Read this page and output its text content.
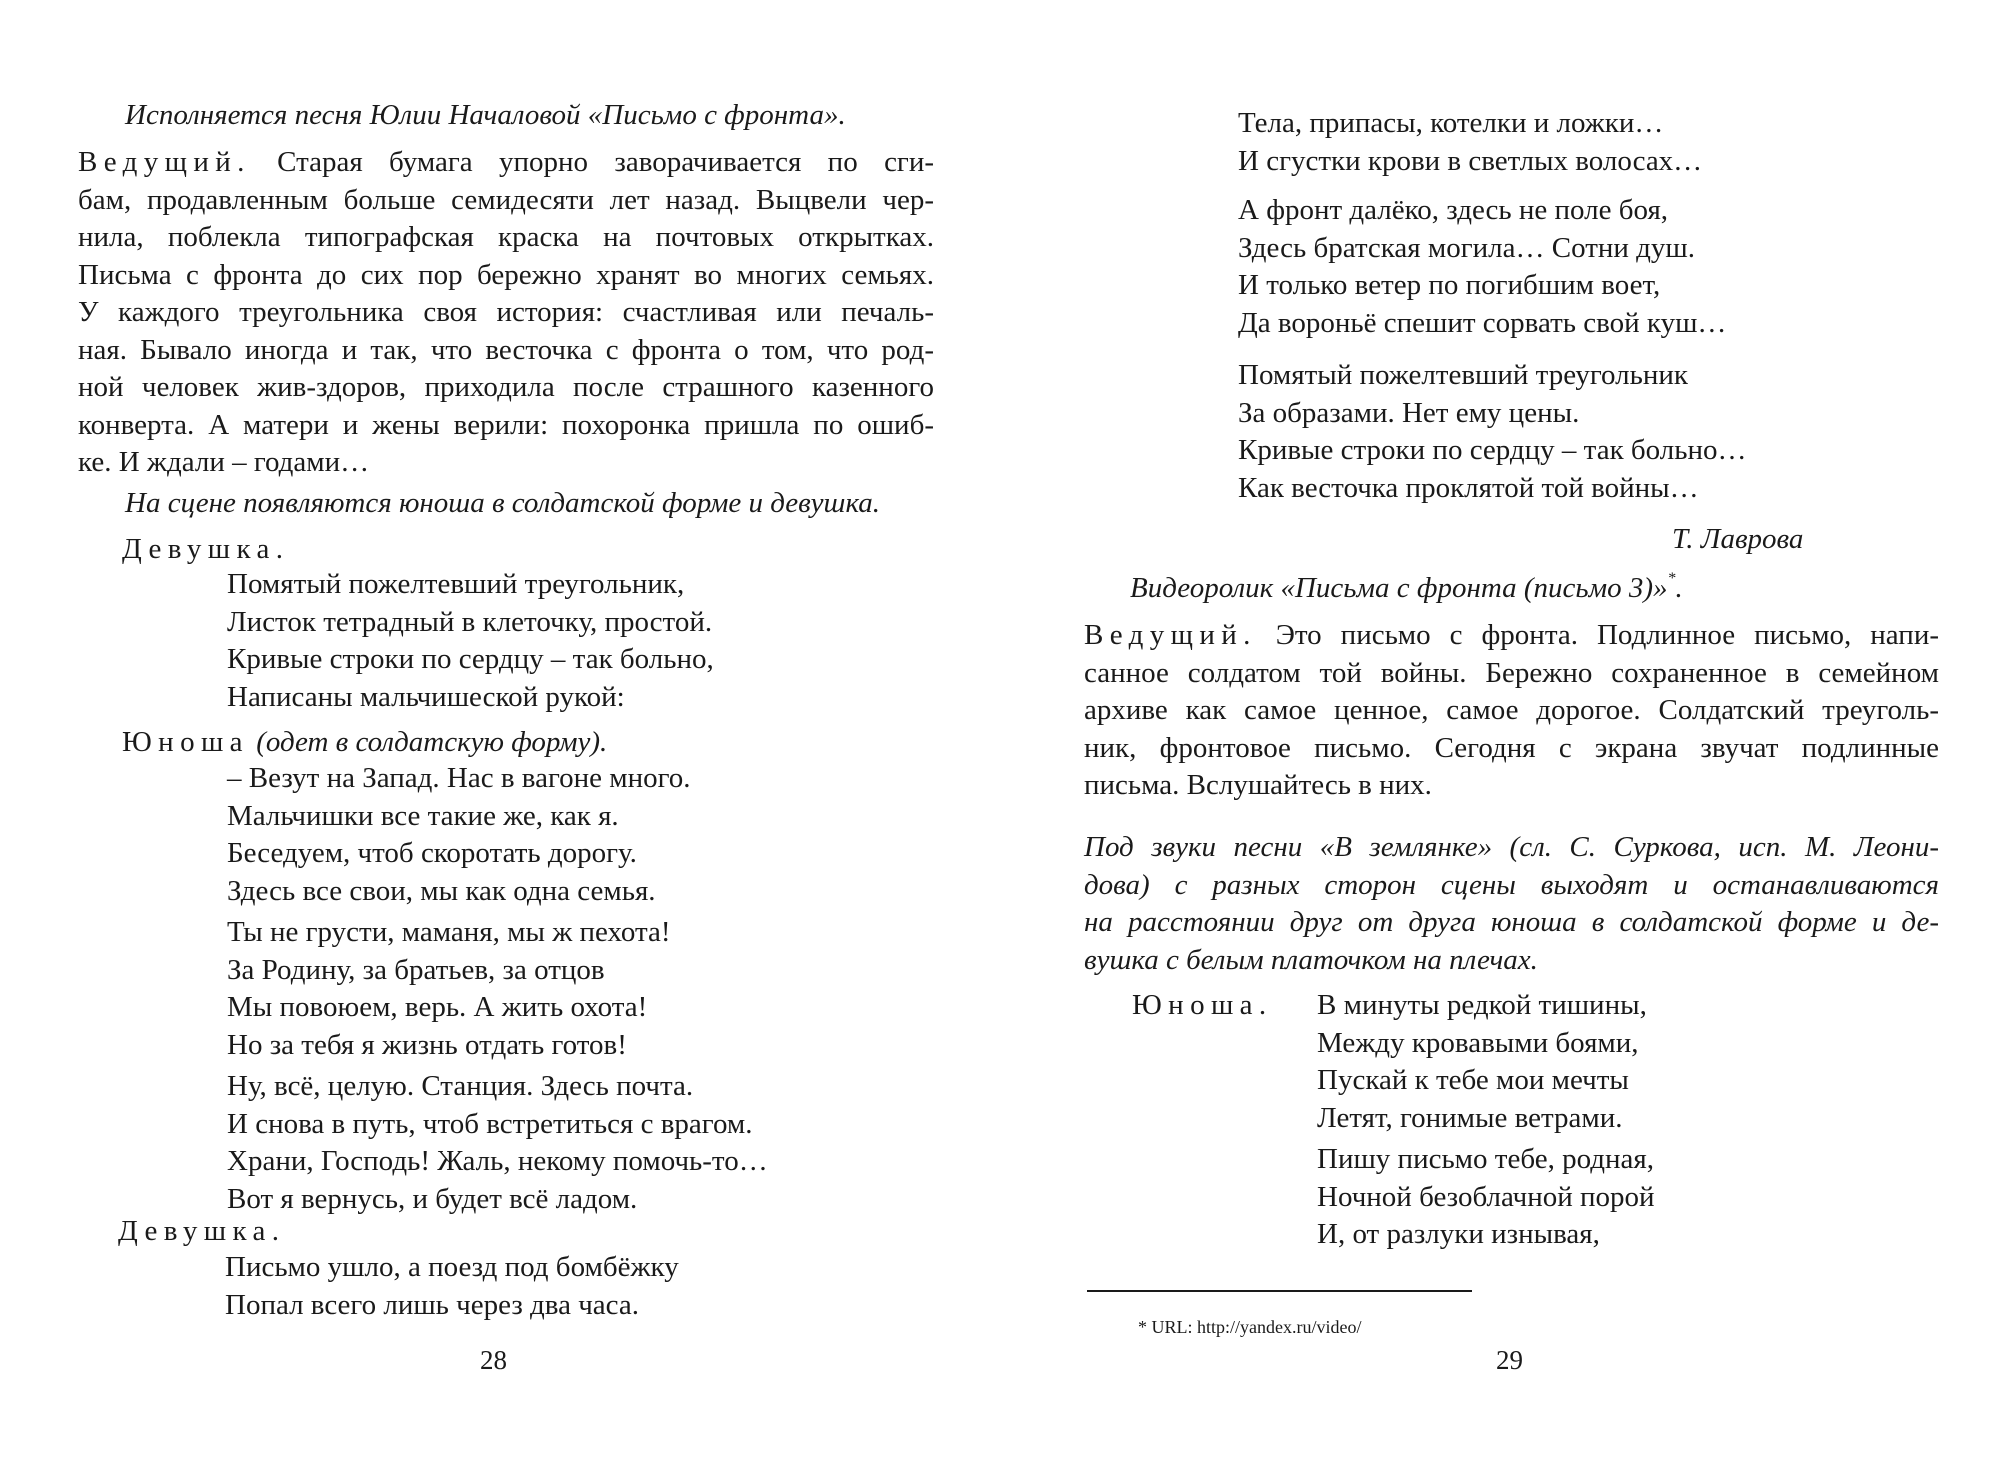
Исполняется песня Юлии Началовой «Письмо с фронта».

Ведущий. Старая бумага упорно заворачивается по сги-

бам, продавленным больше семидесяти лет назад. Выцвели чер-

нила, поблекла типографская краска на почтовых открытках.

Письма с фронта до сих пор бережно хранят во многих семьях.

У каждого треугольника своя история: счастливая или печаль-

ная. Бывало иногда и так, что весточка с фронта о том, что род-

ной человек жив-здоров, приходила после страшного казенного

конверта. А матери и жены верили: похоронка пришла по ошиб-

ке. И ждали – годами…

На сцене появляются юноша в солдатской форме и девушка.

Девушка.

Помятый пожелтевший треугольник,

Листок тетрадный в клеточку, простой.

Кривые строки по сердцу – так больно,

Написаны мальчишеской рукой:

Юноша (одет в солдатскую форму).

– Везут на Запад. Нас в вагоне много.

Мальчишки все такие же, как я.

Беседуем, чтоб скоротать дорогу.

Здесь все свои, мы как одна семья.

Ты не грусти, маманя, мы ж пехота!

За Родину, за братьев, за отцов

Мы повоюем, верь. А жить охота!

Но за тебя я жизнь отдать готов!

Ну, всё, целую. Станция. Здесь почта.

И снова в путь, чтоб встретиться с врагом.

Храни, Господь! Жаль, некому помочь-то…

Вот я вернусь, и будет всё ладом.

Девушка.

Письмо ушло, а поезд под бомбёжку

Попал всего лишь через два часа.

28

Тела, припасы, котелки и ложки…

И сгустки крови в светлых волосах…

А фронт далёко, здесь не поле боя,

Здесь братская могила… Сотни душ.

И только ветер по погибшим воет,

Да вороньё спешит сорвать свой куш…

Помятый пожелтевший треугольник

За образами. Нет ему цены.

Кривые строки по сердцу – так больно…

Как весточка проклятой той войны…

Т. Лаврова

Видеоролик «Письма с фронта (письмо 3)»*.

Ведущий. Это письмо с фронта. Подлинное письмо, напи-

санное солдатом той войны. Бережно сохраненное в семейном

архиве как самое ценное, самое дорогое. Солдатский треуголь-

ник, фронтовое письмо. Сегодня с экрана звучат подлинные

письма. Вслушайтесь в них.

Под звуки песни «В землянке» (сл. С. Суркова, исп. М. Леони-

дова) с разных сторон сцены выходят и останавливаются

на расстоянии друг от друга юноша в солдатской форме и де-

вушка с белым платочком на плечах.

Юноша. В минуты редкой тишины,

Между кровавыми боями,

Пускай к тебе мои мечты

Летят, гонимые ветрами.

Пишу письмо тебе, родная,

Ночной безоблачной порой

И, от разлуки изнывая,

* URL: http://yandex.ru/video/

29
